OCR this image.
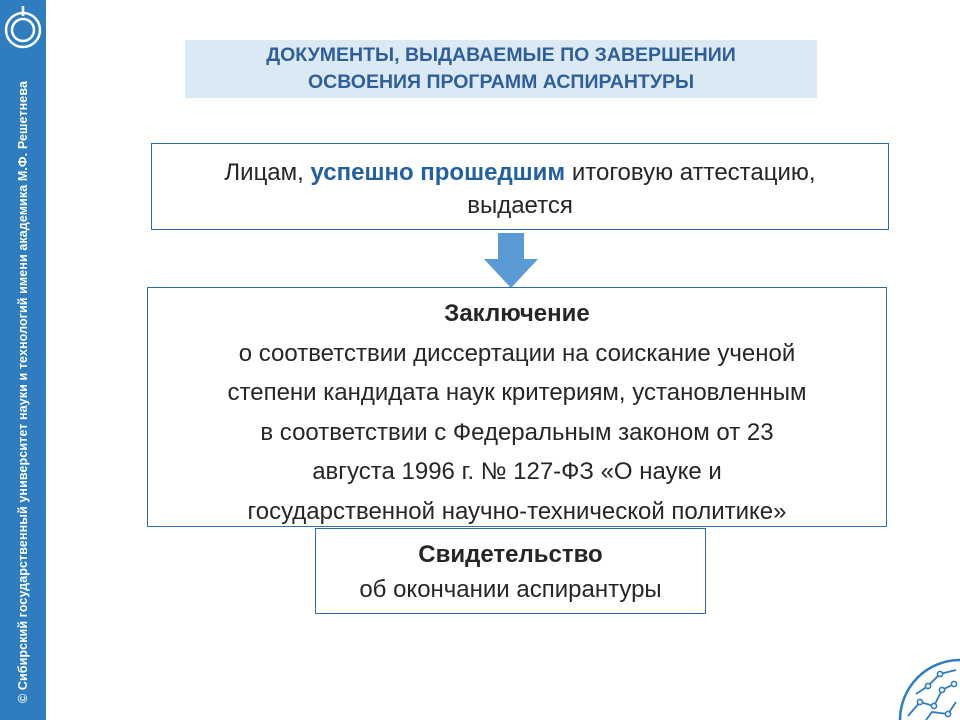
© Сибирский государственный университет науки и технологий имени академика М.Ф. Решетнева
ДОКУМЕНТЫ, ВЫДАВАЕМЫЕ ПО ЗАВЕРШЕНИИ
ОСВОЕНИЯ ПРОГРАММ АСПИРАНТУРЫ
Лицам, успешно прошедшим итоговую аттестацию,
выдается
Заключение
о соответствии диссертации на соискание ученой
степени кандидата наук критериям, установленным
в соответствии с Федеральным законом от 23
августа 1996 г. № 127-ФЗ «О науке и
государственной научно-технической политике»
Свидетельство
об окончании аспирантуры
